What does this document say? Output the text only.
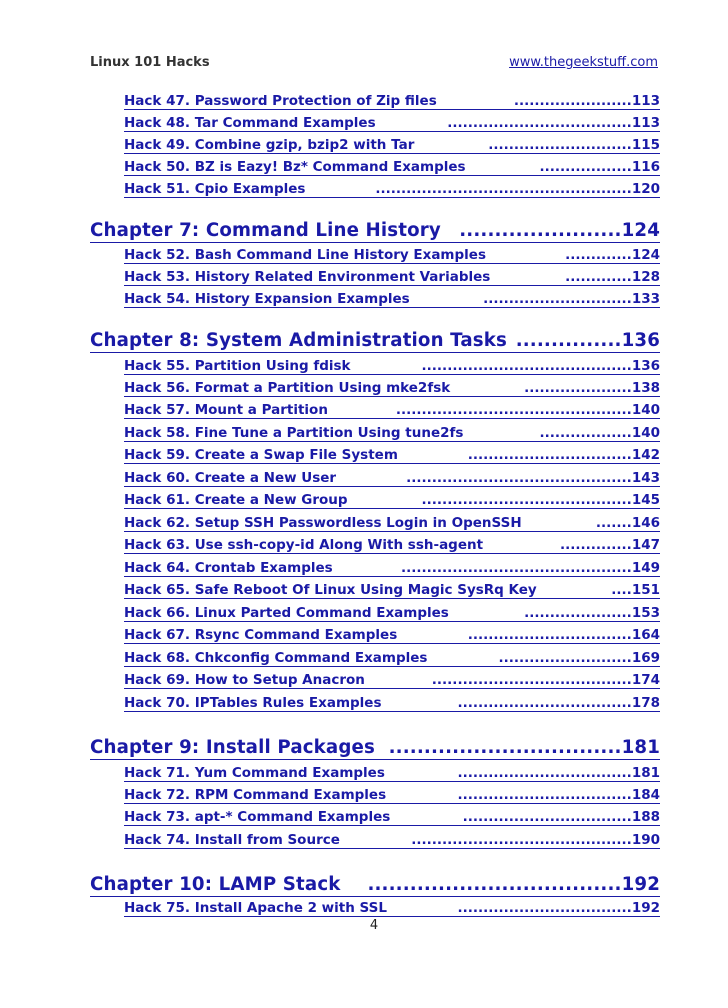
Linux 101 Hacks	www.thegeekstuff.com
Hack 47. Password Protection of Zip files	.......................113
Hack 48. Tar Command Examples	....................................113
Hack 49. Combine gzip, bzip2 with Tar	............................115
Hack 50. BZ is Eazy! Bz* Command Examples	..................116
Hack 51. Cpio Examples	..................................................120
Chapter 7: Command Line History .......................124
Hack 52. Bash Command Line History Examples	.............124
Hack 53. History Related Environment Variables	.............128
Hack 54. History Expansion Examples	.............................133
Chapter 8: System Administration Tasks ...............136
Hack 55. Partition Using fdisk	.........................................136
Hack 56. Format a Partition Using mke2fsk	.....................138
Hack 57. Mount a Partition	..............................................140
Hack 58. Fine Tune a Partition Using tune2fs	..................140
Hack 59. Create a Swap File System	................................142
Hack 60. Create a New User	............................................143
Hack 61. Create a New Group	.........................................145
Hack 62. Setup SSH Passwordless Login in OpenSSH	.......146
Hack 63. Use ssh-copy-id Along With ssh-agent	..............147
Hack 64. Crontab Examples	.............................................149
Hack 65. Safe Reboot Of Linux Using Magic SysRq Key	....151
Hack 66. Linux Parted Command Examples	.....................153
Hack 67. Rsync Command Examples	................................164
Hack 68. Chkconfig Command Examples	..........................169
Hack 69. How to Setup Anacron	.......................................174
Hack 70. IPTables Rules Examples	..................................178
Chapter 9: Install Packages .................................181
Hack 71. Yum Command Examples	..................................181
Hack 72. RPM Command Examples	..................................184
Hack 73. apt-* Command Examples	.................................188
Hack 74. Install from Source	...........................................190
Chapter 10: LAMP Stack ....................................192
Hack 75. Install Apache 2 with SSL	..................................192
4
